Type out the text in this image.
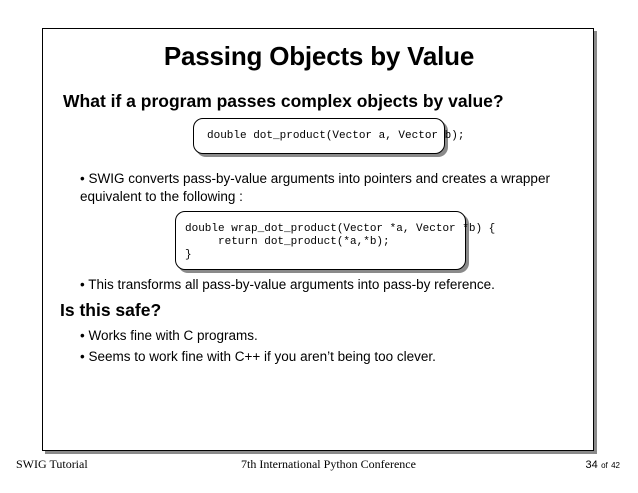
Passing Objects by Value
What if a program passes complex objects by value?
double dot_product(Vector a, Vector b);
• SWIG converts pass-by-value arguments into pointers and creates a wrapper equivalent to the following :
double wrap_dot_product(Vector *a, Vector *b) {
return dot_product(*a,*b);
}
• This transforms all pass-by-value arguments into pass-by reference.
Is this safe?
• Works fine with C programs.
• Seems to work fine with C++ if you aren’t being too clever.
SWIG Tutorial	7th International Python Conference	34 of 42
